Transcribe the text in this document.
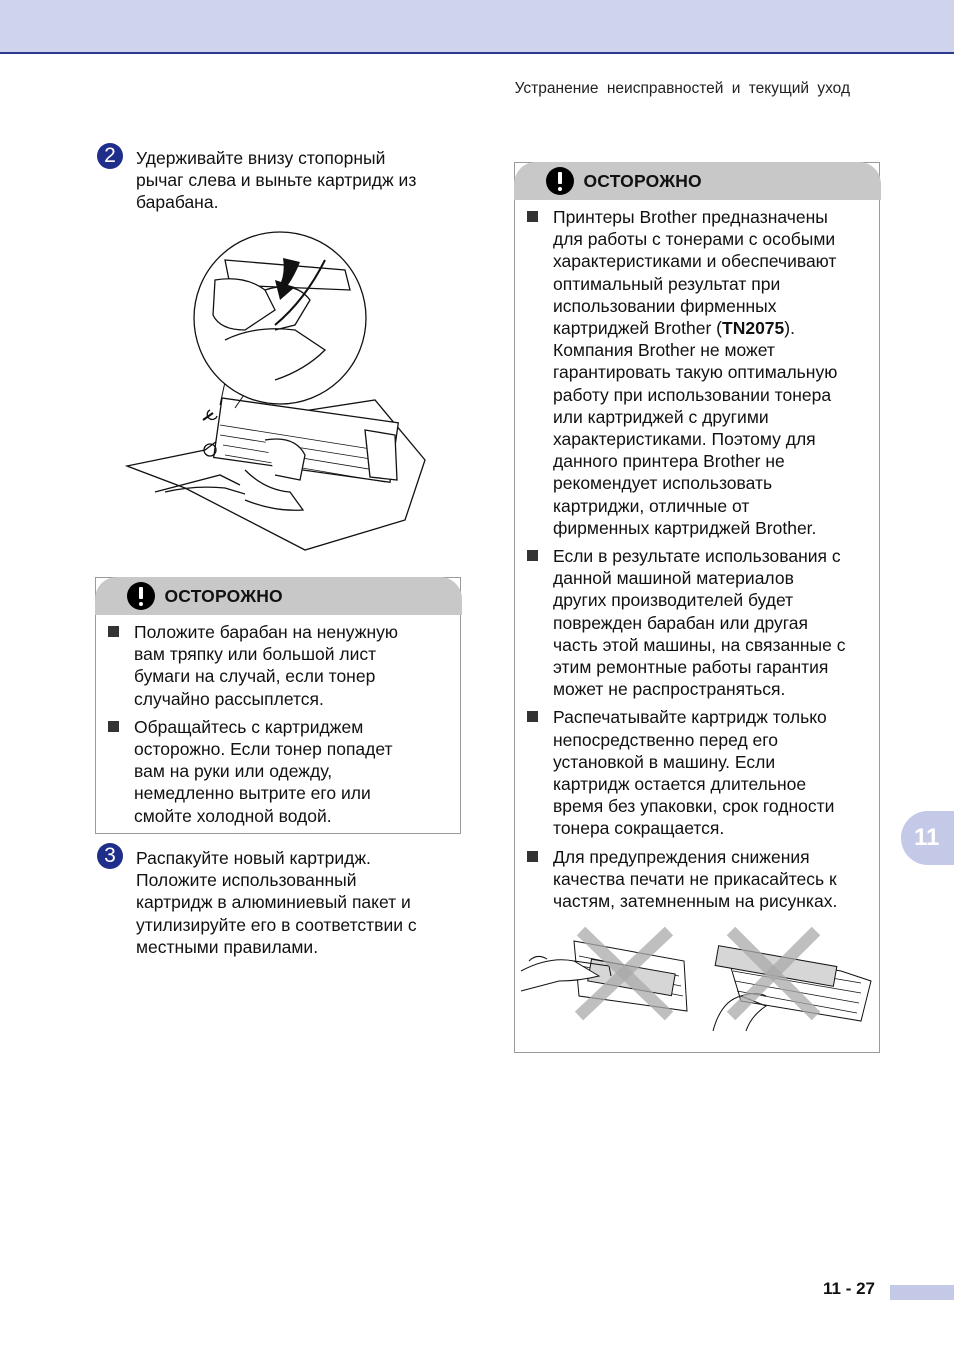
Устранение неисправностей и текущий уход
2	Удерживайте внизу стопорный
рычаг слева и выньте картридж из
барабана.
ОСТОРОЖНО
Положите барабан на ненужную
вам тряпку или большой лист
бумаги на случай, если тонер
случайно рассыплется.
Обращайтесь с картриджем
осторожно. Если тонер попадет
вам на руки или одежду,
немедленно вытрите его или
смойте холодной водой.
3	Распакуйте новый картридж.
Положите использованный
картридж в алюминиевый пакет и
утилизируйте его в соответствии с
местными правилами.
ОСТОРОЖНО
Принтеры Brother предназначены
для работы с тонерами с особыми
характеристиками и обеспечивают
оптимальный результат при
использовании фирменных
картриджей Brother (TN2075).
Компания Brother не может
гарантировать такую оптимальную
работу при использовании тонера
или картриджей с другими
характеристиками. Поэтому для
данного принтера Brother не
рекомендует использовать
картриджи, отличные от
фирменных картриджей Brother.
Если в результате использования с
данной машиной материалов
других производителей будет
поврежден барабан или другая
часть этой машины, на связанные с
этим ремонтные работы гарантия
может не распространяться.
Распечатывайте картридж только
непосредственно перед его
установкой в машину. Если
картридж остается длительное
время без упаковки, срок годности
тонера сокращается.
Для предупреждения снижения
качества печати не прикасайтесь к
частям, затемненным на рисунках.
11
11 - 27
